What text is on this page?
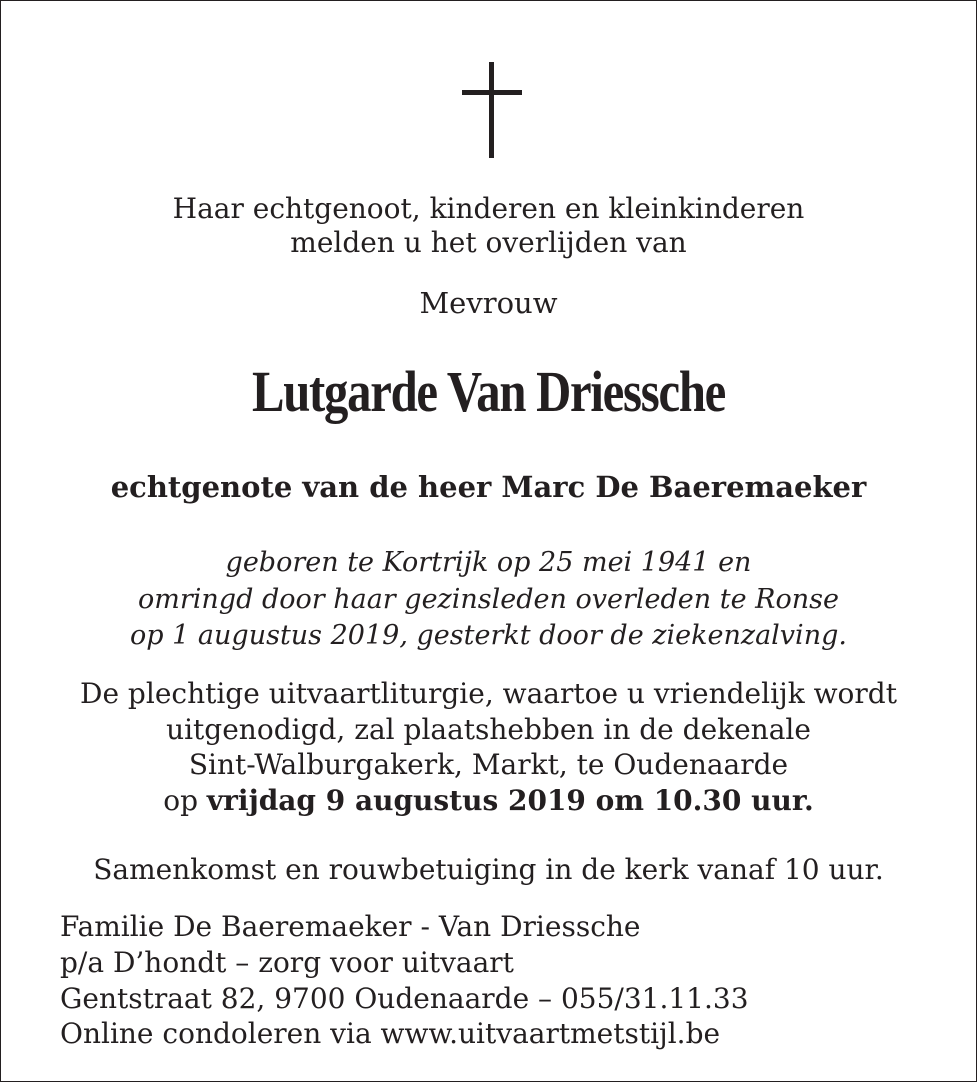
Haar echtgenoot, kinderen en kleinkinderen
melden u het overlijden van
Mevrouw
Lutgarde Van Driessche
echtgenote van de heer Marc De Baeremaeker
geboren te Kortrijk op 25 mei 1941 en
omringd door haar gezinsleden overleden te Ronse
op 1 augustus 2019, gesterkt door de ziekenzalving.
De plechtige uitvaartliturgie, waartoe u vriendelijk wordt
uitgenodigd, zal plaatshebben in de dekenale
Sint-Walburgakerk, Markt, te Oudenaarde
op vrijdag 9 augustus 2019 om 10.30 uur.
Samenkomst en rouwbetuiging in de kerk vanaf 10 uur.
Familie De Baeremaeker - Van Driessche
p/a D’hondt – zorg voor uitvaart
Gentstraat 82, 9700 Oudenaarde – 055/31.11.33
Online condoleren via www.uitvaartmetstijl.be
